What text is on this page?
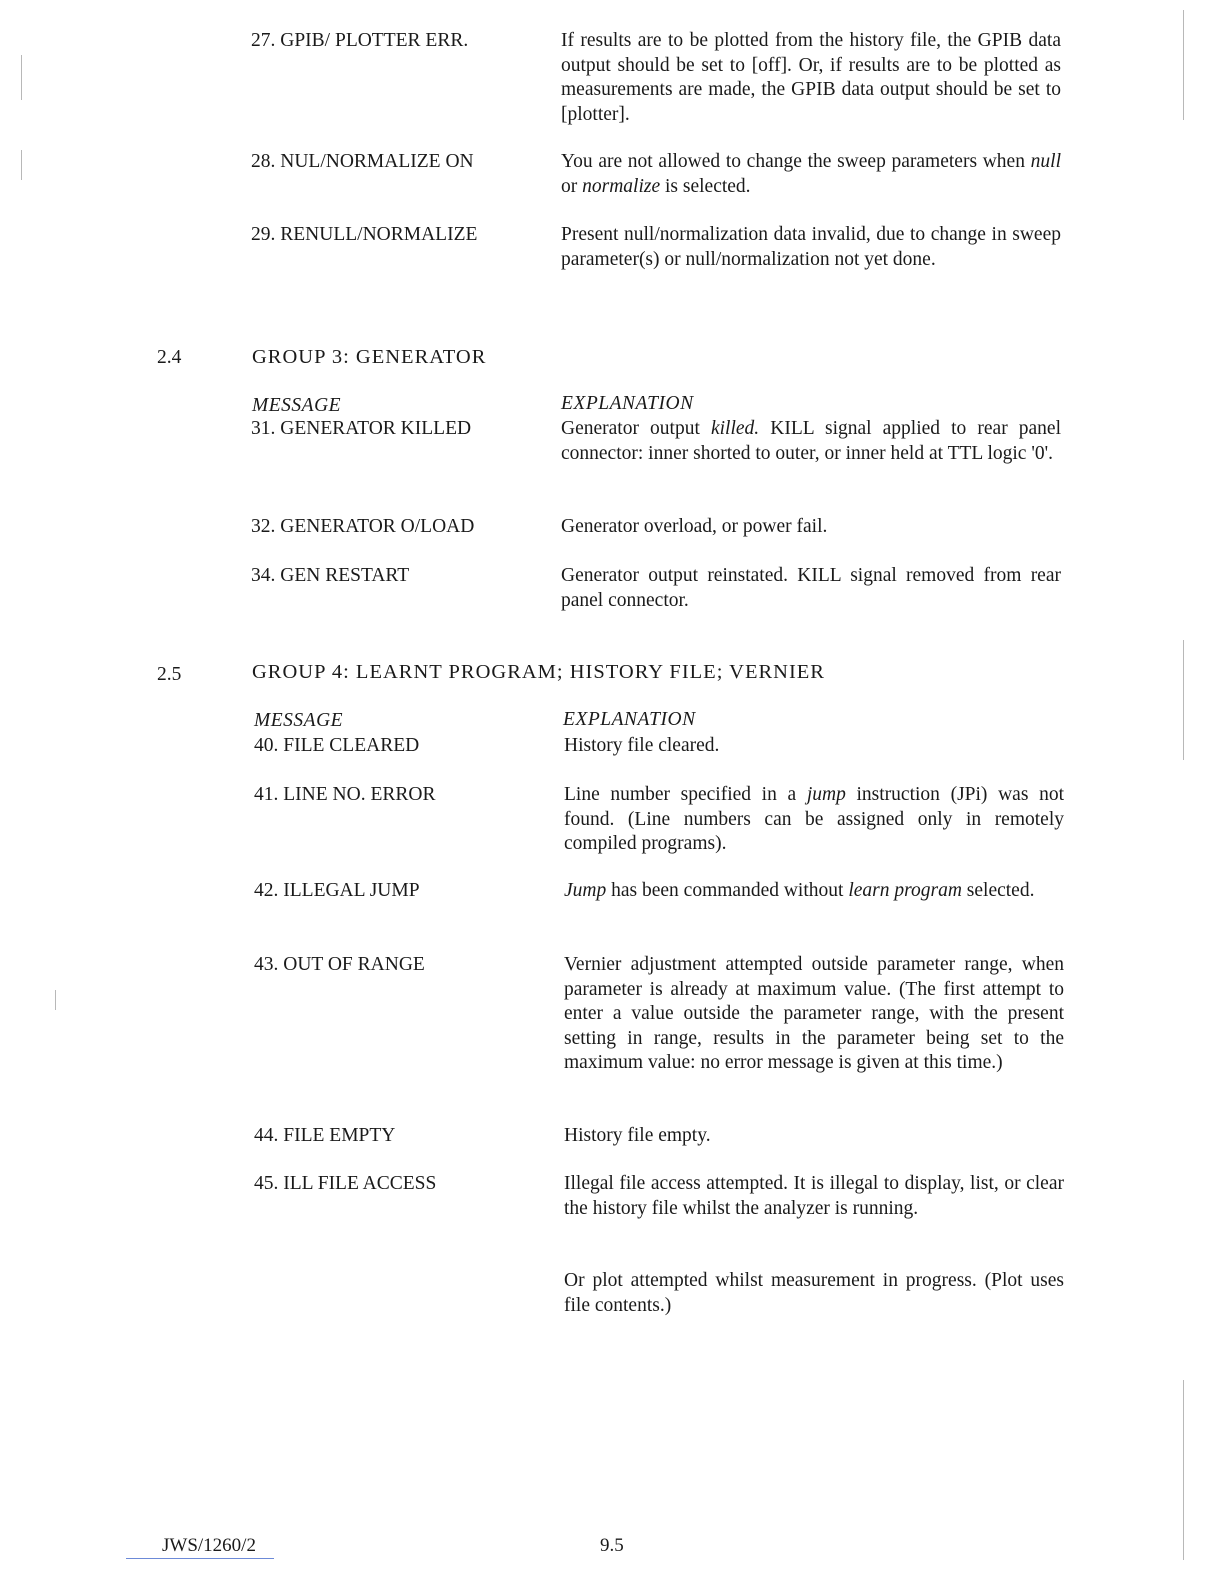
27. GPIB/ PLOTTER ERR.	If results are to be plotted from the history file, the GPIB data output should be set to [off]. Or, if results are to be plotted as measurements are made, the GPIB data output should be set to [plotter].
28. NUL/NORMALIZE ON	You are not allowed to change the sweep parameters when null or normalize is selected.
29. RENULL/NORMALIZE	Present null/normalization data invalid, due to change in sweep parameter(s) or null/normalization not yet done.
2.4	GROUP 3: GENERATOR
MESSAGE	EXPLANATION
31. GENERATOR KILLED	Generator output killed. KILL signal applied to rear panel connector: inner shorted to outer, or inner held at TTL logic '0'.
32. GENERATOR O/LOAD	Generator overload, or power fail.
34. GEN RESTART	Generator output reinstated. KILL signal removed from rear panel connector.
2.5	GROUP 4: LEARNT PROGRAM; HISTORY FILE; VERNIER
MESSAGE	EXPLANATION
40. FILE CLEARED	History file cleared.
41. LINE NO. ERROR	Line number specified in a jump instruction (JPi) was not found. (Line numbers can be assigned only in remotely compiled programs).
42. ILLEGAL JUMP	Jump has been commanded without learn program selected.
43. OUT OF RANGE	Vernier adjustment attempted outside parameter range, when parameter is already at maximum value. (The first attempt to enter a value outside the parameter range, with the present setting in range, results in the parameter being set to the maximum value: no error message is given at this time.)
44. FILE EMPTY	History file empty.
45. ILL FILE ACCESS	Illegal file access attempted. It is illegal to display, list, or clear the history file whilst the analyzer is running.
Or plot attempted whilst measurement in progress. (Plot uses file contents.)
JWS/1260/2	9.5
